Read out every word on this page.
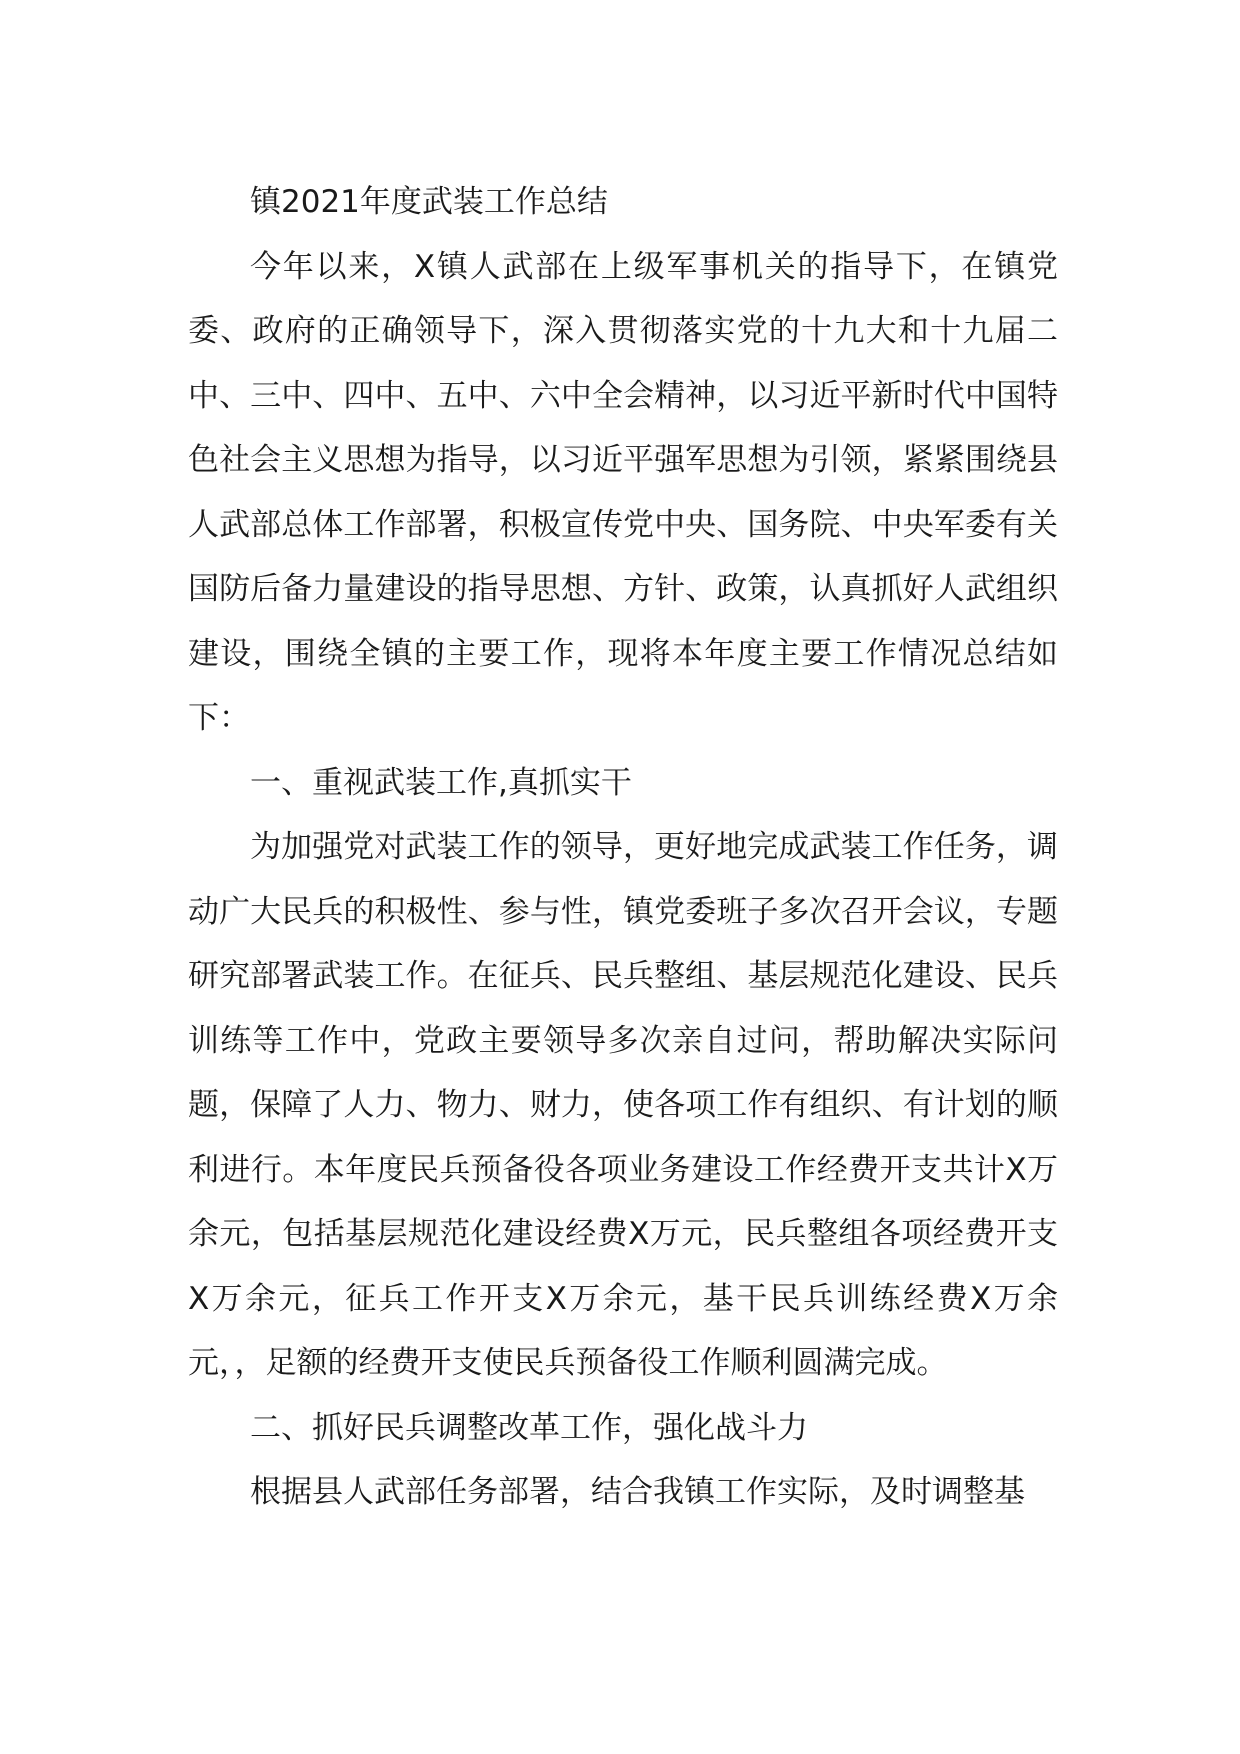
镇2021年度武装工作总结

今年以来，X镇人武部在上级军事机关的指导下，在镇党委、政府的正确领导下，深入贯彻落实党的十九大和十九届二中、三中、四中、五中、六中全会精神，以习近平新时代中国特色社会主义思想为指导，以习近平强军思想为引领，紧紧围绕县人武部总体工作部署，积极宣传党中央、国务院、中央军委有关国防后备力量建设的指导思想、方针、政策，认真抓好人武组织建设，围绕全镇的主要工作，现将本年度主要工作情况总结如下：

一、重视武装工作,真抓实干

为加强党对武装工作的领导，更好地完成武装工作任务，调动广大民兵的积极性、参与性，镇党委班子多次召开会议，专题研究部署武装工作。在征兵、民兵整组、基层规范化建设、民兵训练等工作中，党政主要领导多次亲自过问，帮助解决实际问题，保障了人力、物力、财力，使各项工作有组织、有计划的顺利进行。本年度民兵预备役各项业务建设工作经费开支共计X万余元，包括基层规范化建设经费X万元，民兵整组各项经费开支X万余元，征兵工作开支X万余元，基干民兵训练经费X万余元，，足额的经费开支使民兵预备役工作顺利圆满完成。

二、抓好民兵调整改革工作，强化战斗力

根据县人武部任务部署，结合我镇工作实际，及时调整基
